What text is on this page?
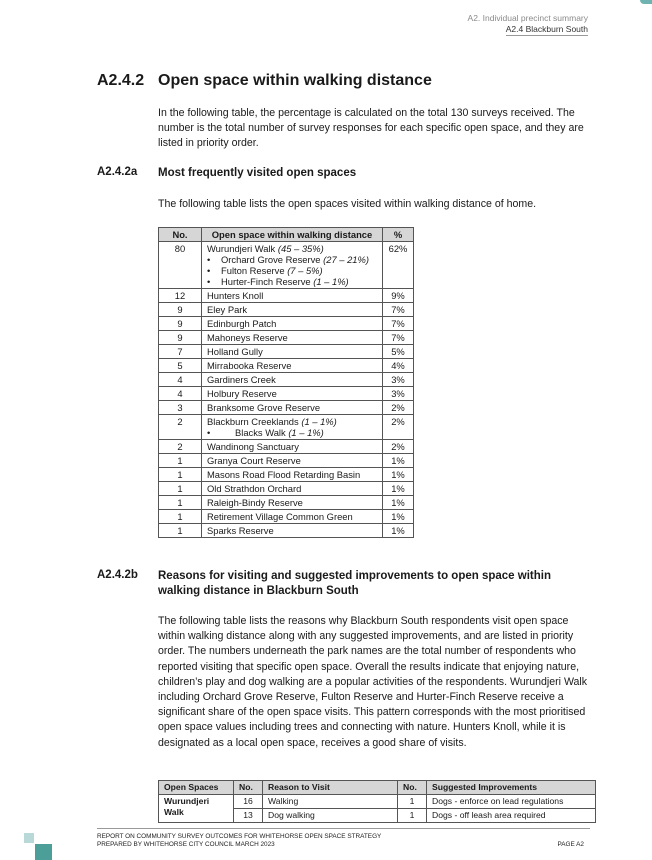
A2. Individual precinct summary
A2.4 Blackburn South
A2.4.2 Open space within walking distance
In the following table, the percentage is calculated on the total 130 surveys received. The number is the total number of survey responses for each specific open space, and they are listed in priority order.
A2.4.2a Most frequently visited open spaces
The following table lists the open spaces visited within walking distance of home.
No.	Open space within walking distance	%
80	Wurundjeri Walk (45 – 35%)
• Orchard Grove Reserve (27 – 21%)
• Fulton Reserve (7 – 5%)
• Hurter-Finch Reserve (1 – 1%)	62%
12	Hunters Knoll	9%
9	Eley Park	7%
9	Edinburgh Patch	7%
9	Mahoneys Reserve	7%
7	Holland Gully	5%
5	Mirrabooka Reserve	4%
4	Gardiners Creek	3%
4	Holbury Reserve	3%
3	Branksome Grove Reserve	2%
2	Blackburn Creeklands (1 – 1%)
• Blacks Walk (1 – 1%)	2%
2	Wandinong Sanctuary	2%
1	Granya Court Reserve	1%
1	Masons Road Flood Retarding Basin	1%
1	Old Strathdon Orchard	1%
1	Raleigh-Bindy Reserve	1%
1	Retirement Village Common Green	1%
1	Sparks Reserve	1%
A2.4.2b Reasons for visiting and suggested improvements to open space within walking distance in Blackburn South
The following table lists the reasons why Blackburn South respondents visit open space within walking distance along with any suggested improvements, and are listed in priority order. The numbers underneath the park names are the total number of respondents who reported visiting that specific open space. Overall the results indicate that enjoying nature, children’s play and dog walking are a popular activities of the respondents. Wurundjeri Walk including Orchard Grove Reserve, Fulton Reserve and Hurter-Finch Reserve receive a significant share of the open space visits. This pattern corresponds with the most prioritised open space values including trees and connecting with nature. Hunters Knoll, while it is designated as a local open space, receives a good share of visits.
Open Spaces	No.	Reason to Visit	No.	Suggested Improvements
Wurundjeri Walk	16	Walking	1	Dogs - enforce on lead regulations
	13	Dog walking	1	Dogs - off leash area required
REPORT ON COMMUNITY SURVEY OUTCOMES FOR WHITEHORSE OPEN SPACE STRATEGY
PREPARED BY WHITEHORSE CITY COUNCIL MARCH 2023	PAGE A2
